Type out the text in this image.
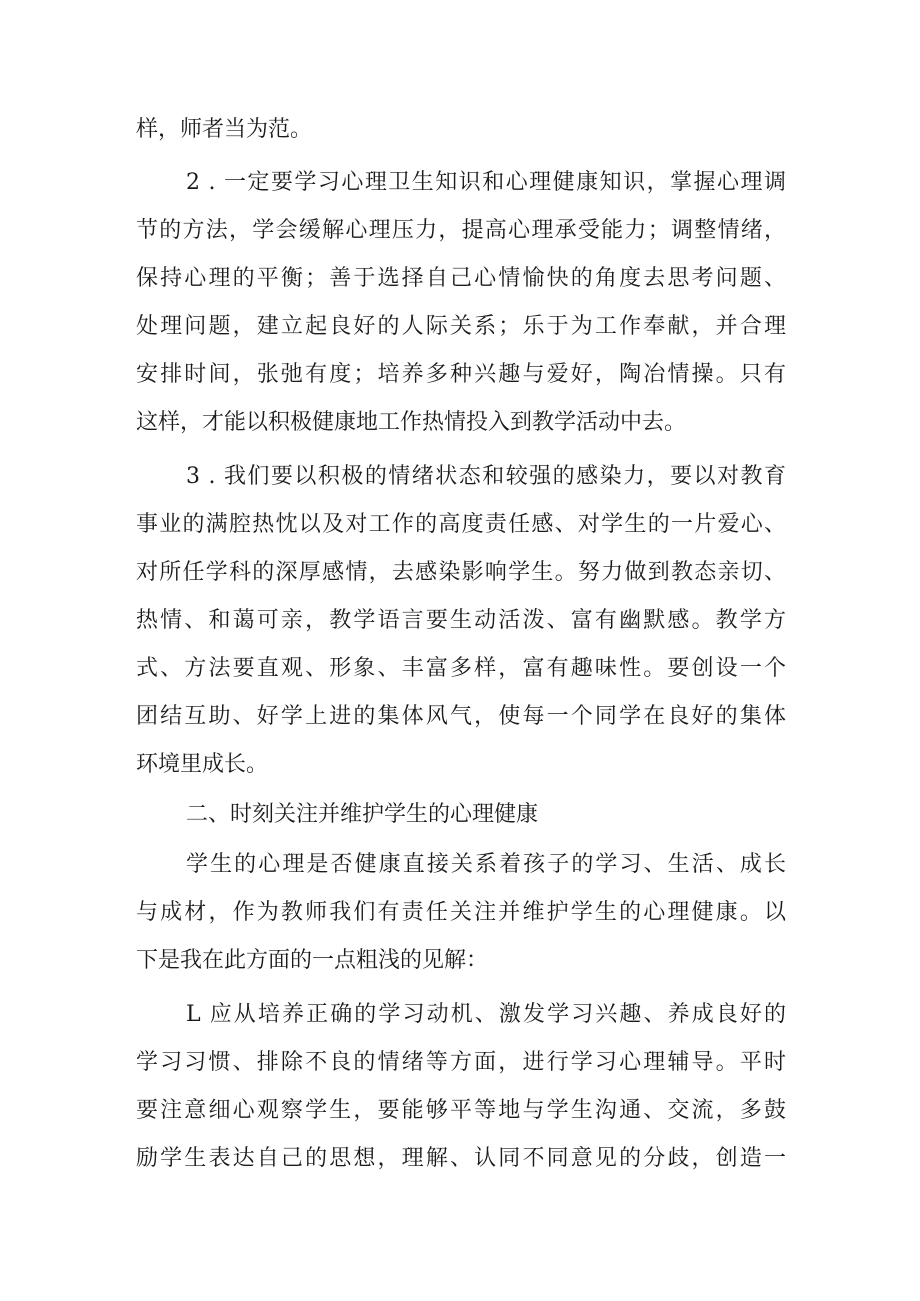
样，师者当为范。
2 . 一定要学习心理卫生知识和心理健康知识，掌握心理调
节的方法，学会缓解心理压力，提高心理承受能力；调整情绪，
保持心理的平衡；善于选择自己心情愉快的角度去思考问题、
处理问题，建立起良好的人际关系；乐于为工作奉献，并合理
安排时间，张弛有度；培养多种兴趣与爱好，陶冶情操。只有
这样，才能以积极健康地工作热情投入到教学活动中去。
3 . 我们要以积极的情绪状态和较强的感染力，要以对教育
事业的满腔热忱以及对工作的高度责任感、对学生的一片爱心、
对所任学科的深厚感情，去感染影响学生。努力做到教态亲切、
热情、和蔼可亲，教学语言要生动活泼、富有幽默感。教学方
式、方法要直观、形象、丰富多样，富有趣味性。要创设一个
团结互助、好学上进的集体风气，使每一个同学在良好的集体
环境里成长。
二、时刻关注并维护学生的心理健康
学生的心理是否健康直接关系着孩子的学习、生活、成长
与成材，作为教师我们有责任关注并维护学生的心理健康。以
下是我在此方面的一点粗浅的见解：
L 应从培养正确的学习动机、激发学习兴趣、养成良好的
学习习惯、排除不良的情绪等方面，进行学习心理辅导。平时
要注意细心观察学生，要能够平等地与学生沟通、交流，多鼓
励学生表达自己的思想，理解、认同不同意见的分歧，创造一
